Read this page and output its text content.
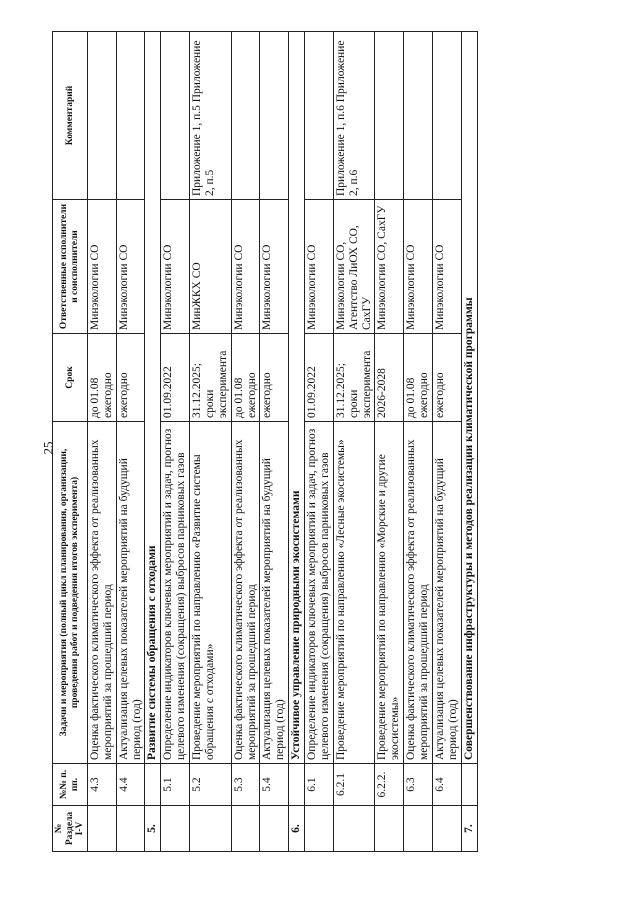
25
№ Раздела I-V	№№ п. пп.	Задачи и мероприятия (полный цикл планирования, организации, проведения работ и подведения итогов эксперимента)	Срок	Ответственные исполнители и соисполнители	Комментарий
	4.3	Оценка фактического климатического эффекта от реализованных мероприятий за прошедший период	до 01.08 ежегодно	Минэкологии СО	
	4.4	Актуализация целевых показателей мероприятий на будущий период (год)	ежегодно	Минэкологии СО	
5.		Развитие системы обращения с отходами			
	5.1	Определение индикаторов ключевых мероприятий и задач, прогноз целевого изменения (сокращения) выбросов парниковых газов	01.09.2022	Минэкологии СО	
	5.2	Проведение мероприятий по направлению «Развитие системы обращения с отходами»	31.12.2025; сроки эксперимента	МинЖКХ СО	Приложение 1, п.5 Приложение 2, п.5
	5.3	Оценка фактического климатического эффекта от реализованных мероприятий за прошедший период	до 01.08 ежегодно	Минэкологии СО	
	5.4	Актуализация целевых показателей мероприятий на будущий период (год)	ежегодно	Минэкологии СО	
6.		Устойчивое управление природными экосистемами			
	6.1	Определение индикаторов ключевых мероприятий и задач, прогноз целевого изменения (сокращения) выбросов парниковых газов	01.09.2022	Минэкологии СО	
	6.2.1	Проведение мероприятий по направлению «Лесные экосистемы»	31.12.2025; сроки эксперимента	Минэкологии СО, Агентство ЛиОХ СО, СахГУ	Приложение 1, п.6 Приложение 2, п.6
	6.2.2.	Проведение мероприятий по направлению «Морские и другие экосистемы»	2026-2028	Минэкологии СО, СахГУ	
	6.3	Оценка фактического климатического эффекта от реализованных мероприятий за прошедший период	до 01.08 ежегодно	Минэкологии СО	
	6.4	Актуализация целевых показателей мероприятий на будущий период (год)	ежегодно	Минэкологии СО	
7.		Совершенствование инфраструктуры и методов реализации климатической программы			
